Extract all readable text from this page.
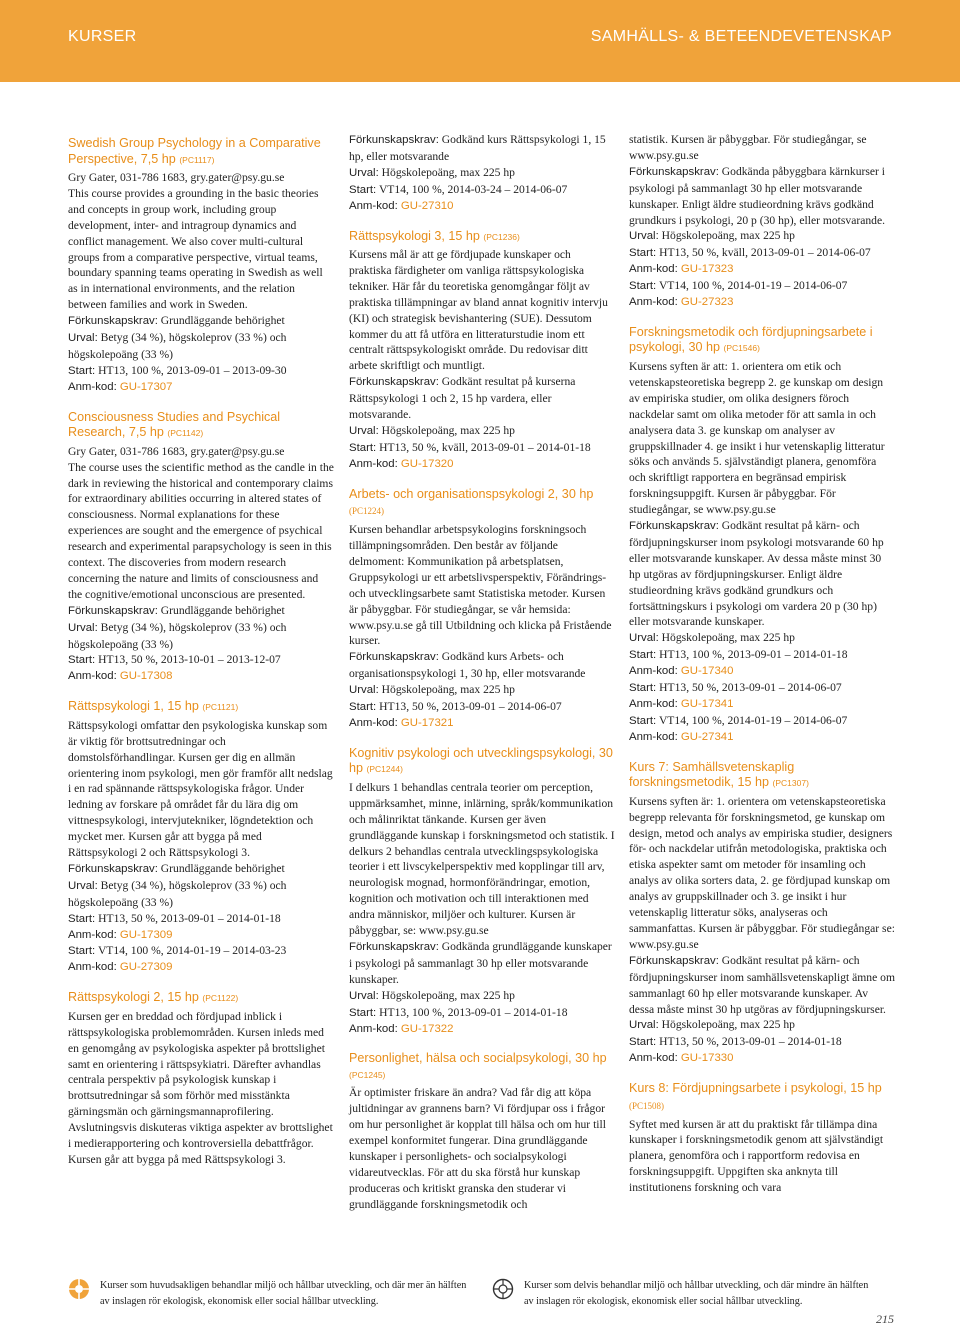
KURSER	SAMHÄLLS- & BETEENDEVETENSKAP
Swedish Group Psychology in a Comparative Perspective, 7,5 hp (PC1117)

Gry Gater, 031-786 1683, gry.gater@psy.gu.se

This course provides a grounding in the basic theories and concepts in group work, including group development, inter- and intragroup dynamics and conflict management. We also cover multi-cultural groups from a comparative perspective, virtual teams, boundary spanning teams operating in Swedish as well as in international environments, and the relation between families and work in Sweden.

Förkunskapskrav: Grundläggande behörighet

Urval: Betyg (34 %), högskoleprov (33 %) och högskolepoäng (33 %)

Start: HT13, 100 %, 2013-09-01 – 2013-09-30

Anm-kod: GU-17307

Consciousness Studies and Psychical Research, 7,5 hp (PC1142)

Gry Gater, 031-786 1683, gry.gater@psy.gu.se

The course uses the scientific method as the candle in the dark in reviewing the historical and contemporary claims for extraordinary abilities occurring in altered states of consciousness. Normal explanations for these experiences are sought and the emergence of psychical research and experimental parapsychology is seen in this context. The discoveries from modern research concerning the nature and limits of consciousness and the cognitive/emotional unconscious are presented.

Förkunskapskrav: Grundläggande behörighet

Urval: Betyg (34 %), högskoleprov (33 %) och högskolepoäng (33 %)

Start: HT13, 50 %, 2013-10-01 – 2013-12-07

Anm-kod: GU-17308

Rättspsykologi 1, 15 hp (PC1121)

Rättspsykologi omfattar den psykologiska kunskap som är viktig för brottsutredningar och domstolsförhandlingar. Kursen ger dig en allmän orientering inom psykologi, men gör framför allt nedslag i en rad spännande rättspsykologiska frågor. Under ledning av forskare på området får du lära dig om vittnespsykologi, intervjutekniker, lögndetektion och mycket mer. Kursen går att bygga på med Rättspsykologi 2 och Rättspsykologi 3.

Förkunskapskrav: Grundläggande behörighet

Urval: Betyg (34 %), högskoleprov (33 %) och högskolepoäng (33 %)

Start: HT13, 50 %, 2013-09-01 – 2014-01-18

Anm-kod: GU-17309

Start: VT14, 100 %, 2014-01-19 – 2014-03-23

Anm-kod: GU-27309

Rättspsykologi 2, 15 hp (PC1122)

Kursen ger en breddad och fördjupad inblick i rättspsykologiska problemområden. Kursen inleds med en genomgång av psykologiska aspekter på brottslighet samt en orientering i rättspsykiatri. Därefter avhandlas centrala perspektiv på psykologisk kunskap i brottsutredningar så som förhör med misstänkta gärningsmän och gärningsmannaprofilering. Avslutningsvis diskuteras viktiga aspekter av brottslighet i medierapportering och kontroversiella debattfrågor. Kursen går att bygga på med Rättspsykologi 3.

Förkunskapskrav: Godkänd kurs Rättspsykologi 1, 15 hp, eller motsvarande

Urval: Högskolepoäng, max 225 hp

Start: VT14, 100 %, 2014-03-24 – 2014-06-07

Anm-kod: GU-27310

Rättspsykologi 3, 15 hp (PC1236)

Kursens mål är att ge fördjupade kunskaper och praktiska färdigheter om vanliga rättspsykologiska tekniker. Här får du teoretiska genomgångar följt av praktiska tillämpningar av bland annat kognitiv intervju (KI) och strategisk bevishantering (SUE). Dessutom kommer du att få utföra en litteraturstudie inom ett centralt rättspsykologiskt område. Du redovisar ditt arbete skriftligt och muntligt.

Förkunskapskrav: Godkänt resultat på kurserna Rättspsykologi 1 och 2, 15 hp vardera, eller motsvarande.

Urval: Högskolepoäng, max 225 hp

Start: HT13, 50 %, kväll, 2013-09-01 – 2014-01-18

Anm-kod: GU-17320

Arbets- och organisationspsykologi 2, 30 hp
(PC1224)

Kursen behandlar arbetspsykologins forskningsoch tillämpningsområden. Den består av följande delmoment: Kommunikation på arbetsplatsen, Gruppsykologi ur ett arbetslivsperspektiv, Förändrings- och utvecklingsarbete samt Statistiska metoder. Kursen är påbyggbar. För studiegångar, se vår hemsida: www.psy.u.se gå till Utbildning och klicka på Fristående kurser.

Förkunskapskrav: Godkänd kurs Arbets- och organisationspsykologi 1, 30 hp, eller motsvarande

Urval: Högskolepoäng, max 225 hp

Start: HT13, 50 %, 2013-09-01 – 2014-06-07

Anm-kod: GU-17321

Kognitiv psykologi och utvecklingspsykologi, 30 hp (PC1244)

I delkurs 1 behandlas centrala teorier om perception, uppmärksamhet, minne, inlärning, språk/kommunikation och målinriktat tänkande. Kursen ger även grundläggande kunskap i forskningsmetod och statistik. I delkurs 2 behandlas centrala utvecklingspsykologiska teorier i ett livscykelperspektiv med kopplingar till arv, neurologisk mognad, hormonförändringar, emotion, kognition och motivation och till interaktionen med andra människor, miljöer och kulturer. Kursen är påbyggbar, se: www.psy.gu.se

Förkunskapskrav: Godkända grundläggande kunskaper i psykologi på sammanlagt 30 hp eller motsvarande kunskaper.

Urval: Högskolepoäng, max 225 hp

Start: HT13, 100 %, 2013-09-01 – 2014-01-18

Anm-kod: GU-17322

Personlighet, hälsa och socialpsykologi, 30 hp (PC1245)

Är optimister friskare än andra? Vad får dig att köpa jultidningar av grannens barn? Vi fördjupar oss i frågor om hur personlighet är kopplat till hälsa och om hur till exempel konformitet fungerar. Dina grundläggande kunskaper i personlighets- och socialpsykologi vidareutvecklas. För att du ska förstå hur kunskap produceras och kritiskt granska den studerar vi grundläggande forskningsmetodik och

statistik. Kursen är påbyggbar. För studiegångar, se www.psy.gu.se

Förkunskapskrav: Godkända påbyggbara kärnkurser i psykologi på sammanlagt 30 hp eller motsvarande kunskaper. Enligt äldre studieordning krävs godkänd grundkurs i psykologi, 20 p (30 hp), eller motsvarande.

Urval: Högskolepoäng, max 225 hp

Start: HT13, 50 %, kväll, 2013-09-01 – 2014-06-07

Anm-kod: GU-17323

Start: VT14, 100 %, 2014-01-19 – 2014-06-07

Anm-kod: GU-27323

Forskningsmetodik och fördjupningsarbete i psykologi, 30 hp (PC1546)

Kursens syften är att: 1. orientera om etik och vetenskapsteoretiska begrepp 2. ge kunskap om design av empiriska studier, om olika designers föroch nackdelar samt om olika metoder för att samla in och analysera data 3. ge kunskap om analyser av gruppskillnader 4. ge insikt i hur vetenskaplig litteratur söks och används 5. självständigt planera, genomföra och skriftligt rapportera en begränsad empirisk forskningsuppgift. Kursen är påbyggbar. För studiegångar, se www.psy.gu.se

Förkunskapskrav: Godkänt resultat på kärn- och fördjupningskurser inom psykologi motsvarande 60 hp eller motsvarande kunskaper. Av dessa måste minst 30 hp utgöras av fördjupningskurser. Enligt äldre studieordning krävs godkänd grundkurs och fortsättningskurs i psykologi om vardera 20 p (30 hp) eller motsvarande kunskaper.

Urval: Högskolepoäng, max 225 hp

Start: HT13, 100 %, 2013-09-01 – 2014-01-18

Anm-kod: GU-17340

Start: HT13, 50 %, 2013-09-01 – 2014-06-07

Anm-kod: GU-17341

Start: VT14, 100 %, 2014-01-19 – 2014-06-07

Anm-kod: GU-27341

Kurs 7: Samhällsvetenskaplig forskningsmetodik, 15 hp (PC1307)

Kursens syften är: 1. orientera om vetenskapsteoretiska begrepp relevanta för forskningsmetod, ge kunskap om design, metod och analys av empiriska studier, designers för- och nackdelar utifrån metodologiska, praktiska och etiska aspekter samt om metoder för insamling och analys av olika sorters data, 2. ge fördjupad kunskap om analys av gruppskillnader och 3. ge insikt i hur vetenskaplig litteratur söks, analyseras och sammanfattas. Kursen är påbyggbar. För studiegångar se: www.psy.gu.se

Förkunskapskrav: Godkänt resultat på kärn- och fördjupningskurser inom samhällsvetenskapligt ämne om sammanlagt 60 hp eller motsvarande kunskaper. Av dessa måste minst 30 hp utgöras av fördjupningskurser.

Urval: Högskolepoäng, max 225 hp

Start: HT13, 50 %, 2013-09-01 – 2014-01-18

Anm-kod: GU-17330

Kurs 8: Fördjupningsarbete i psykologi, 15 hp
(PC1508)

Syftet med kursen är att du praktiskt får tillämpa dina kunskaper i forskningsmetodik genom att självständigt planera, genomföra och i rapportform redovisa en forskningsuppgift. Uppgiften ska anknyta till institutionens forskning och vara

Kurser som huvudsakligen behandlar miljö och hållbar utveckling, och där mer än hälften av inslagen rör ekologisk, ekonomisk eller social hållbar utveckling.
Kurser som delvis behandlar miljö och hållbar utveckling, och där mindre än hälften av inslagen rör ekologisk, ekonomisk eller social hållbar utveckling.
215
